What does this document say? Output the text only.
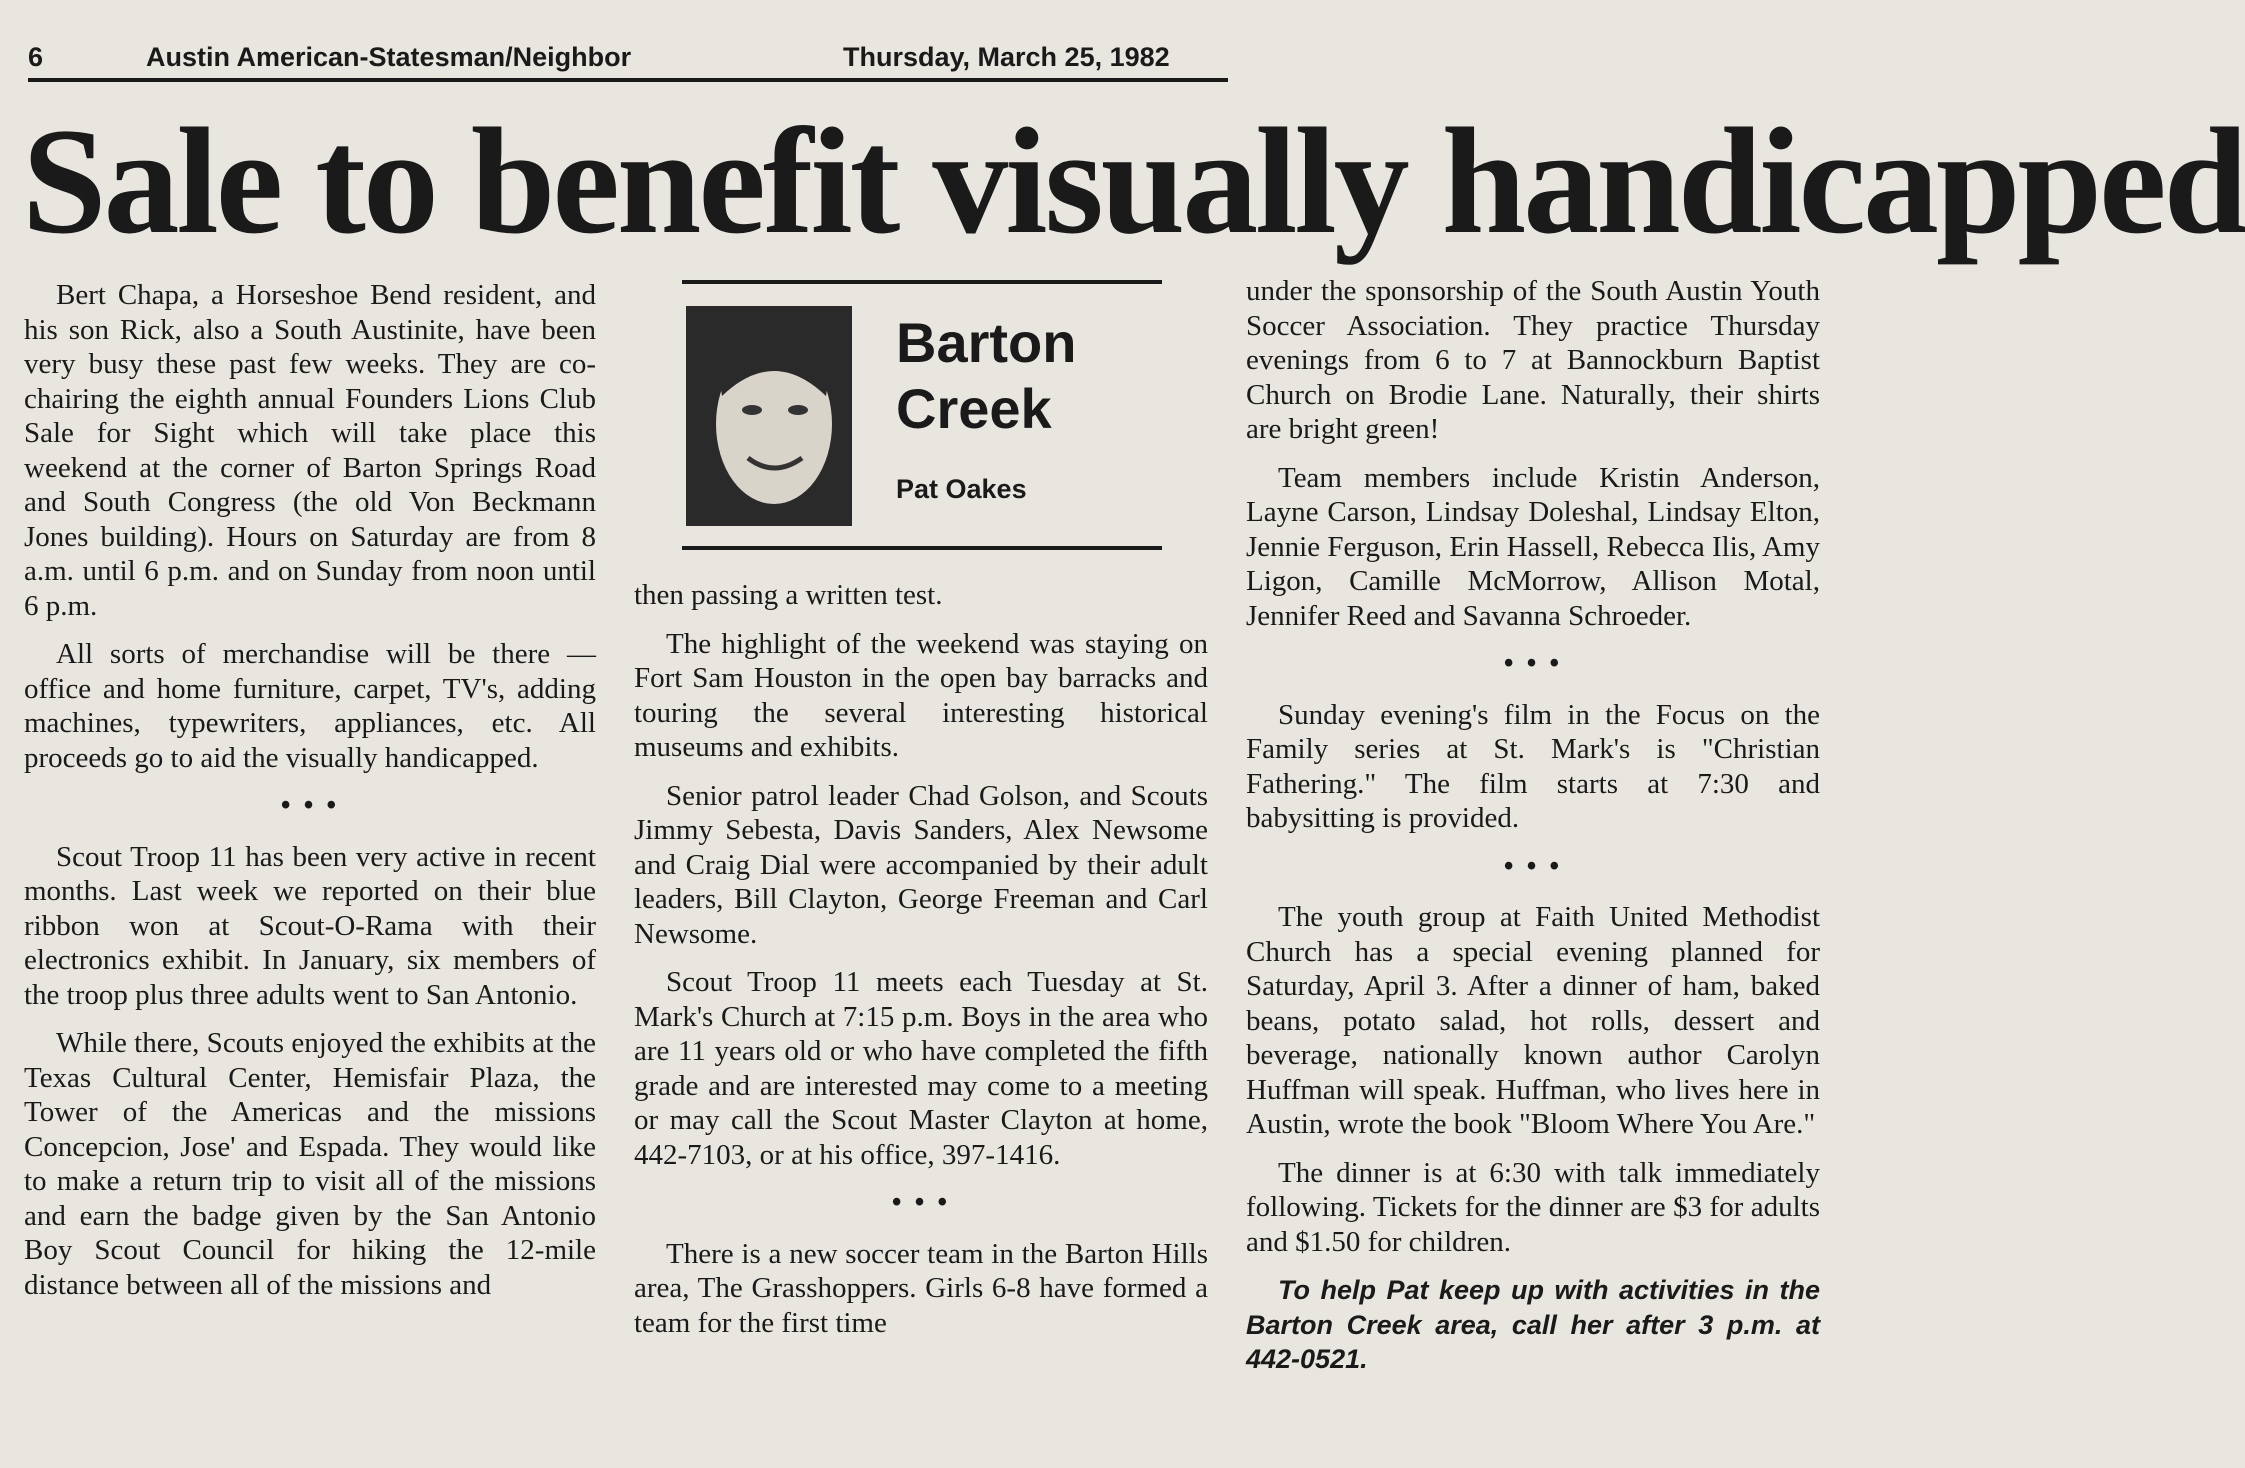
6	Austin American-Statesman/Neighbor	Thursday, March 25, 1982
Sale to benefit visually handicapped

Bert Chapa, a Horseshoe Bend resident, and his son Rick, also a South Austinite, have been very busy these past few weeks. They are co-chairing the eighth annual Founders Lions Club Sale for Sight which will take place this weekend at the corner of Barton Springs Road and South Congress (the old Von Beckmann Jones building). Hours on Saturday are from 8 a.m. until 6 p.m. and on Sunday from noon until 6 p.m.

All sorts of merchandise will be there — office and home furniture, carpet, TV's, adding machines, typewriters, appliances, etc. All proceeds go to aid the visually handicapped.

• • •

Scout Troop 11 has been very active in recent months. Last week we reported on their blue ribbon won at Scout-O-Rama with their electronics exhibit. In January, six members of the troop plus three adults went to San Antonio.

While there, Scouts enjoyed the exhibits at the Texas Cultural Center, Hemisfair Plaza, the Tower of the Americas and the missions Concepcion, Jose' and Espada. They would like to make a return trip to visit all of the missions and earn the badge given by the San Antonio Boy Scout Council for hiking the 12-mile distance between all of the missions and

Barton
Creek
Pat Oakes

then passing a written test.

The highlight of the weekend was staying on Fort Sam Houston in the open bay barracks and touring the several interesting historical museums and exhibits.

Senior patrol leader Chad Golson, and Scouts Jimmy Sebesta, Davis Sanders, Alex Newsome and Craig Dial were accompanied by their adult leaders, Bill Clayton, George Freeman and Carl Newsome.

Scout Troop 11 meets each Tuesday at St. Mark's Church at 7:15 p.m. Boys in the area who are 11 years old or who have completed the fifth grade and are interested may come to a meeting or may call the Scout Master Clayton at home, 442-7103, or at his office, 397-1416.

• • •

There is a new soccer team in the Barton Hills area, The Grasshoppers. Girls 6-8 have formed a team for the first time

under the sponsorship of the South Austin Youth Soccer Association. They practice Thursday evenings from 6 to 7 at Bannockburn Baptist Church on Brodie Lane. Naturally, their shirts are bright green!

Team members include Kristin Anderson, Layne Carson, Lindsay Doleshal, Lindsay Elton, Jennie Ferguson, Erin Hassell, Rebecca Ilis, Amy Ligon, Camille McMorrow, Allison Motal, Jennifer Reed and Savanna Schroeder.

• • •

Sunday evening's film in the Focus on the Family series at St. Mark's is "Christian Fathering." The film starts at 7:30 and babysitting is provided.

• • •

The youth group at Faith United Methodist Church has a special evening planned for Saturday, April 3. After a dinner of ham, baked beans, potato salad, hot rolls, dessert and beverage, nationally known author Carolyn Huffman will speak. Huffman, who lives here in Austin, wrote the book "Bloom Where You Are."

The dinner is at 6:30 with talk immediately following. Tickets for the dinner are $3 for adults and $1.50 for children.

To help Pat keep up with activities in the Barton Creek area, call her after 3 p.m. at 442-0521.
